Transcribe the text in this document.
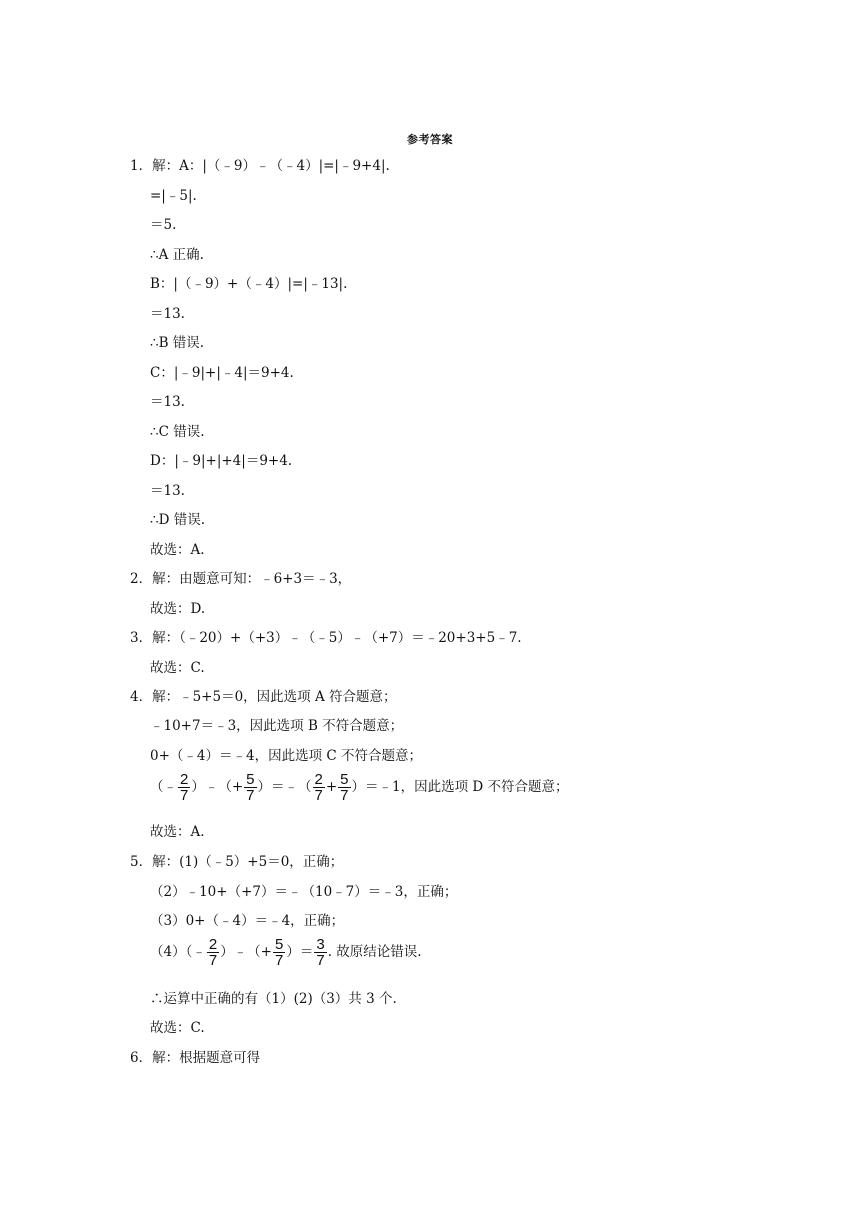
参考答案
1．解：A：|（﹣9）﹣（﹣4）|=|﹣9+4|.
=|﹣5|.
＝5.
∴A 正确.
B：|（﹣9）+（﹣4）|=|﹣13|.
＝13.
∴B 错误.
C：|﹣9|+|﹣4|＝9+4.
＝13.
∴C 错误.
D：|﹣9|+|+4|＝9+4.
＝13.
∴D 错误.
故选：A.
2．解：由题意可知：﹣6+3＝﹣3，
故选：D.
3．解：（﹣20）+（+3）﹣（﹣5）﹣（+7）＝﹣20+3+5﹣7.
故选：C.
4．解：﹣5+5＝0，因此选项 A 符合题意；
﹣10+7＝﹣3，因此选项 B 不符合题意；
0+（﹣4）＝﹣4，因此选项 C 不符合题意；
（﹣ $\frac{2}{7}$ ）﹣（+ $\frac{5}{7}$ ）＝﹣（ $\frac{2}{7} + \frac{5}{7}$ ）＝﹣1，因此选项 D 不符合题意；
故选：A.
5．解：(1)（﹣5）+5＝0，正确；
（2）﹣10+（+7）＝﹣（10﹣7）＝﹣3，正确；
（3）0+（﹣4）＝﹣4，正确；
（4）（﹣ $\frac{2}{7}$ ）﹣（+ $\frac{5}{7}$ ）＝ $\frac{3}{7}$ . 故原结论错误.
∴运算中正确的有（1）(2)（3）共 3 个.
故选：C.
6．解：根据题意可得
